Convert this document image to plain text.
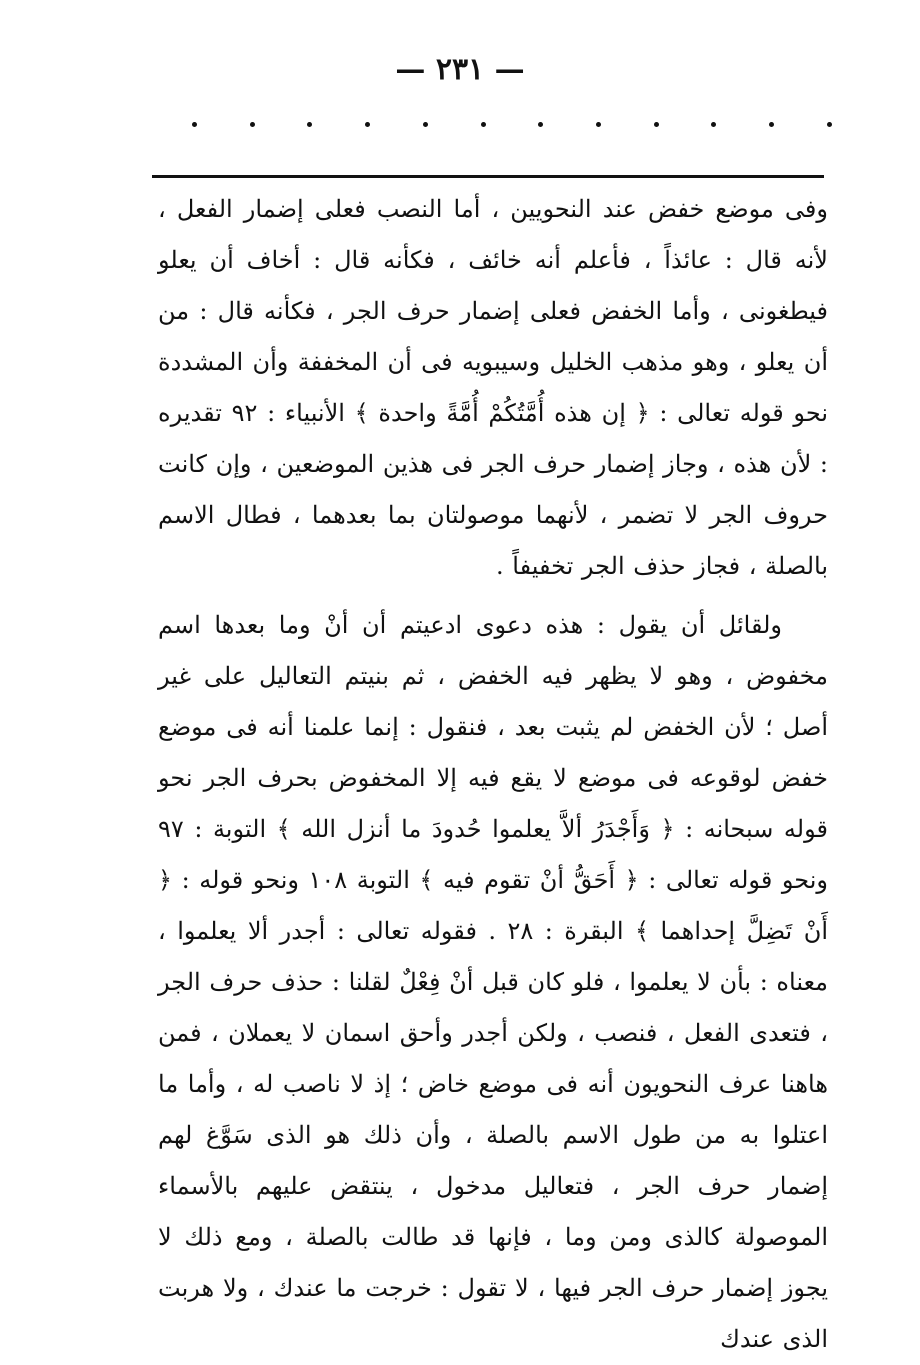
— ٢٣١ —

وفى موضع خفض عند النحويين ، أما النصب فعلى إضمار الفعل ، لأنه قال : عائذاً ، فأعلم أنه خائف ، فكأنه قال : أخاف أن يعلو فيطغونى ، وأما الخفض فعلى إضمار حرف الجر ، فكأنه قال : من أن يعلو ، وهو مذهب الخليل وسيبويه فى أن المخففة وأن المشددة نحو قوله تعالى : ﴿ إن هذه أُمَّتُكُمْ أُمَّةً واحدة ﴾ الأنبياء : ٩٢ تقديره : لأن هذه ، وجاز إضمار حرف الجر فى هذين الموضعين ، وإن كانت حروف الجر لا تضمر ، لأنهما موصولتان بما بعدهما ، فطال الاسم بالصلة ، فجاز حذف الجر تخفيفاً .

ولقائل أن يقول : هذه دعوى ادعيتم أن أنْ وما بعدها اسم مخفوض ، وهو لا يظهر فيه الخفض ، ثم بنيتم التعاليل على غير أصل ؛ لأن الخفض لم يثبت بعد ، فنقول : إنما علمنا أنه فى موضع خفض لوقوعه فى موضع لا يقع فيه إلا المخفوض بحرف الجر نحو قوله سبحانه : ﴿ وَأَجْدَرُ ألاَّ يعلموا حُدودَ ما أنزل الله ﴾ التوبة : ٩٧ ونحو قوله تعالى : ﴿ أَحَقُّ أنْ تقوم فيه ﴾ التوبة ١٠٨ ونحو قوله : ﴿ أَنْ تَضِلَّ إحداهما ﴾ البقرة : ٢٨ . فقوله تعالى : أجدر ألا يعلموا ، معناه : بأن لا يعلموا ، فلو كان قبل أنْ فِعْلٌ لقلنا : حذف حرف الجر ، فتعدى الفعل ، فنصب ، ولكن أجدر وأحق اسمان لا يعملان ، فمن هاهنا عرف النحويون أنه فى موضع خاض ؛ إذ لا ناصب له ، وأما ما اعتلوا به من طول الاسم بالصلة ، وأن ذلك هو الذى سَوَّغ لهم إضمار حرف الجر ، فتعاليل مدخول ، ينتقض عليهم بالأسماء الموصولة كالذى ومن وما ، فإنها قد طالت بالصلة ، ومع ذلك لا يجوز إضمار حرف الجر فيها ، لا تقول : خرجت ما عندك ، ولا هربت الذى عندك
